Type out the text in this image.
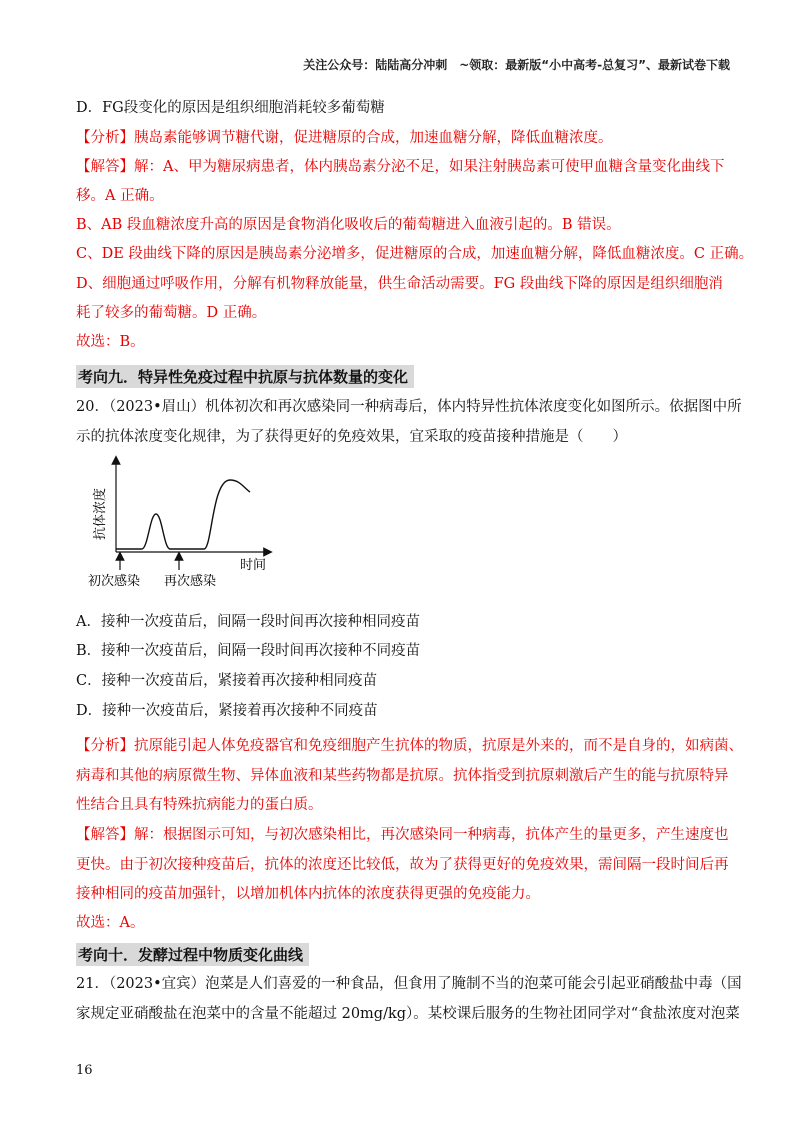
关注公众号：陆陆高分冲刺　~领取：最新版“小中高考-总复习”、最新试卷下载
D．FG段变化的原因是组织细胞消耗较多葡萄糖
【分析】胰岛素能够调节糖代谢，促进糖原的合成，加速血糖分解，降低血糖浓度。
【解答】解：A、甲为糖尿病患者，体内胰岛素分泌不足，如果注射胰岛素可使甲血糖含量变化曲线下
移。A 正确。
B、AB 段血糖浓度升高的原因是食物消化吸收后的葡萄糖进入血液引起的。B 错误。
C、DE 段曲线下降的原因是胰岛素分泌增多，促进糖原的合成，加速血糖分解，降低血糖浓度。C 正确。
D、细胞通过呼吸作用，分解有机物释放能量，供生命活动需要。FG 段曲线下降的原因是组织细胞消
耗了较多的葡萄糖。D 正确。
故选：B。
考向九．特异性免疫过程中抗原与抗体数量的变化
20．（2023•眉山）机体初次和再次感染同一种病毒后，体内特异性抗体浓度变化如图所示。依据图中所
示的抗体浓度变化规律，为了获得更好的免疫效果，宜采取的疫苗接种措施是（　　）
抗体浓度
时间
初次感染 再次感染
A．接种一次疫苗后，间隔一段时间再次接种相同疫苗
B．接种一次疫苗后，间隔一段时间再次接种不同疫苗
C．接种一次疫苗后，紧接着再次接种相同疫苗
D．接种一次疫苗后，紧接着再次接种不同疫苗
【分析】抗原能引起人体免疫器官和免疫细胞产生抗体的物质，抗原是外来的，而不是自身的，如病菌、
病毒和其他的病原微生物、异体血液和某些药物都是抗原。抗体指受到抗原刺激后产生的能与抗原特异
性结合且具有特殊抗病能力的蛋白质。
【解答】解：根据图示可知，与初次感染相比，再次感染同一种病毒，抗体产生的量更多，产生速度也
更快。由于初次接种疫苗后，抗体的浓度还比较低，故为了获得更好的免疫效果，需间隔一段时间后再
接种相同的疫苗加强针，以增加机体内抗体的浓度获得更强的免疫能力。
故选：A。
考向十．发酵过程中物质变化曲线
21．（2023•宜宾）泡菜是人们喜爱的一种食品，但食用了腌制不当的泡菜可能会引起亚硝酸盐中毒（国
家规定亚硝酸盐在泡菜中的含量不能超过 20mg/kg）。某校课后服务的生物社团同学对“食盐浓度对泡菜
16
